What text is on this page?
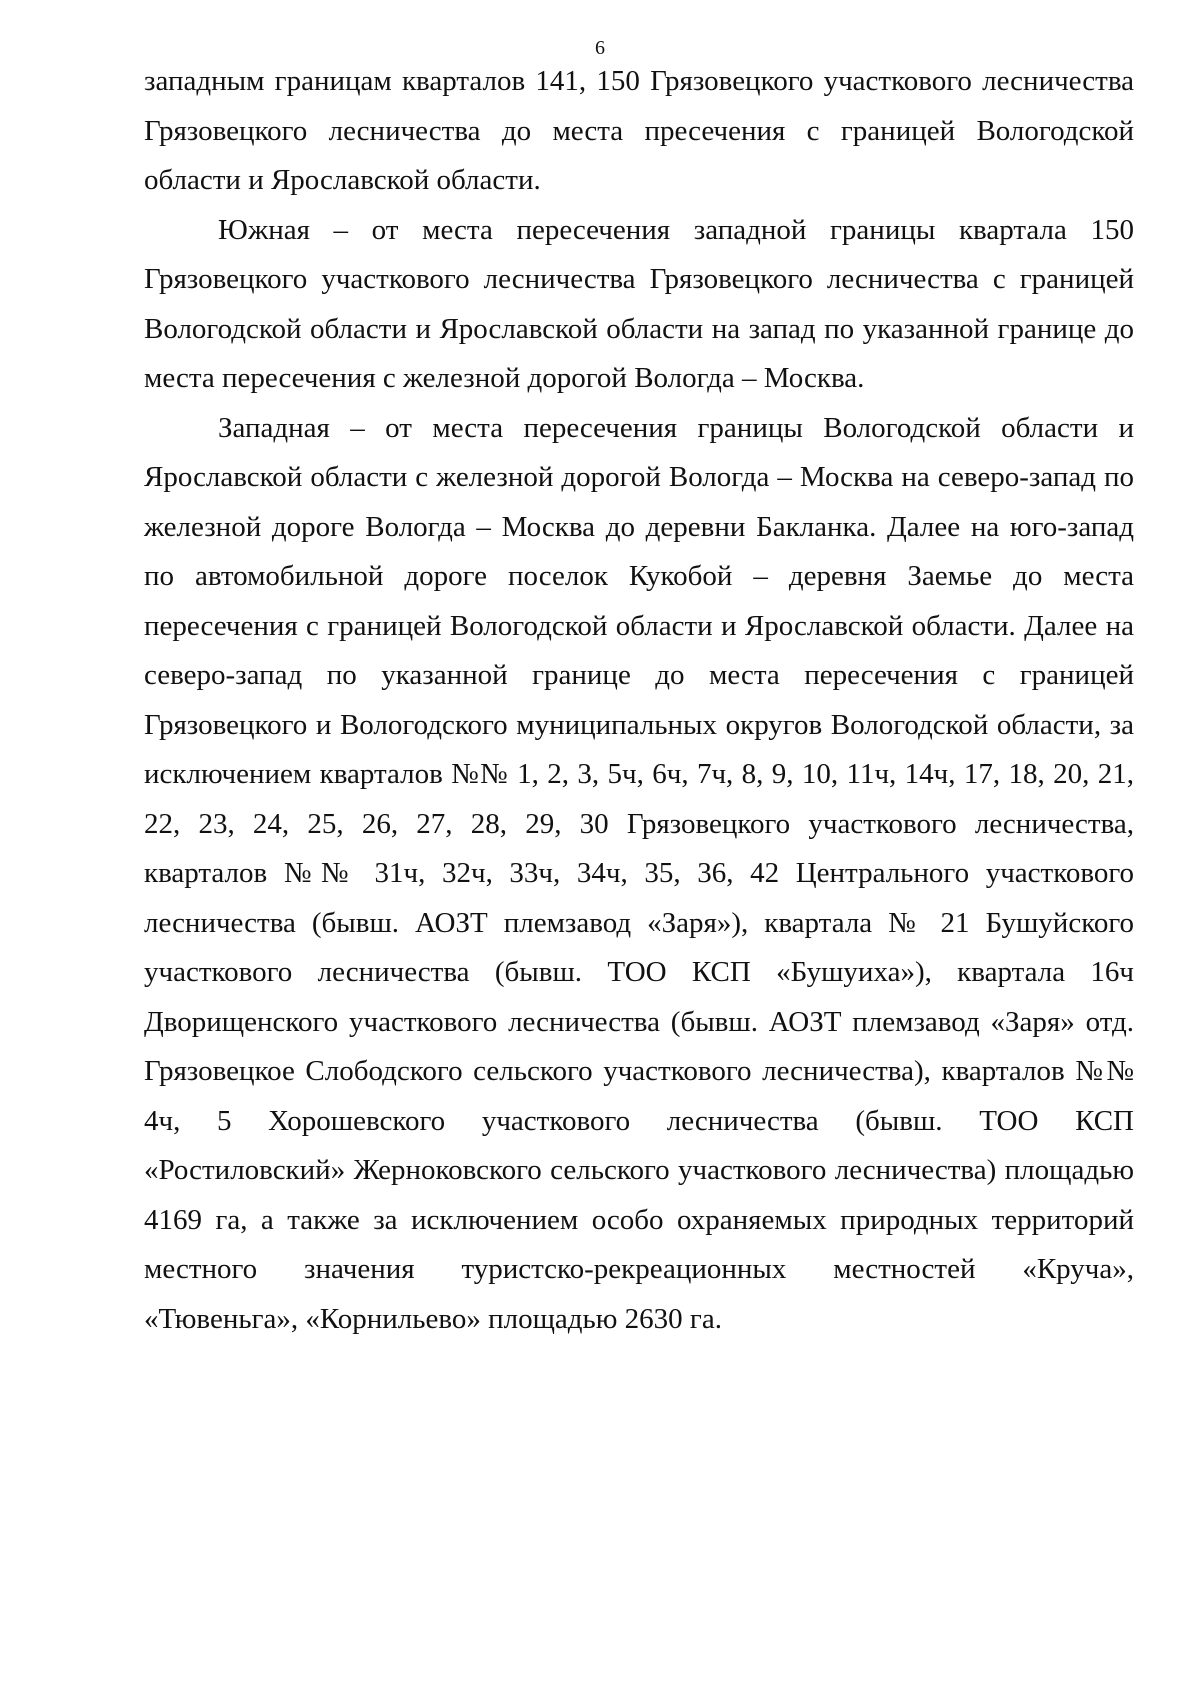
6

западным границам кварталов 141, 150 Грязовецкого участкового лесничества Грязовецкого лесничества до места пресечения с границей Вологодской области и Ярославской области.

Южная – от места пересечения западной границы квартала 150 Грязовецкого участкового лесничества Грязовецкого лесничества с границей Вологодской области и Ярославской области на запад по указанной границе до места пересечения с железной дорогой Вологда – Москва.

Западная – от места пересечения границы Вологодской области и Ярославской области с железной дорогой Вологда – Москва на северо-запад по железной дороге Вологда – Москва до деревни Бакланка. Далее на юго-запад по автомобильной дороге поселок Кукобой – деревня Заемье до места пересечения с границей Вологодской области и Ярославской области. Далее на северо-запад по указанной границе до места пересечения с границей Грязовецкого и Вологодского муниципальных округов Вологодской области, за исключением кварталов №№ 1, 2, 3, 5ч, 6ч, 7ч, 8, 9, 10, 11ч, 14ч, 17, 18, 20, 21, 22, 23, 24, 25, 26, 27, 28, 29, 30 Грязовецкого участкового лесничества, кварталов №№ 31ч, 32ч, 33ч, 34ч, 35, 36, 42 Центрального участкового лесничества (бывш. АОЗТ племзавод «Заря»), квартала № 21 Бушуйского участкового лесничества (бывш. ТОО КСП «Бушуиха»), квартала 16ч Дворищенского участкового лесничества (бывш. АОЗТ племзавод «Заря» отд. Грязовецкое Слободского сельского участкового лесничества), кварталов №№ 4ч, 5 Хорошевского участкового лесничества (бывш. ТОО КСП «Ростиловский» Жерноковского сельского участкового лесничества) площадью 4169 га, а также за исключением особо охраняемых природных территорий местного значения туристско-рекреационных местностей «Круча», «Тювеньга», «Корнильево» площадью 2630 га.
